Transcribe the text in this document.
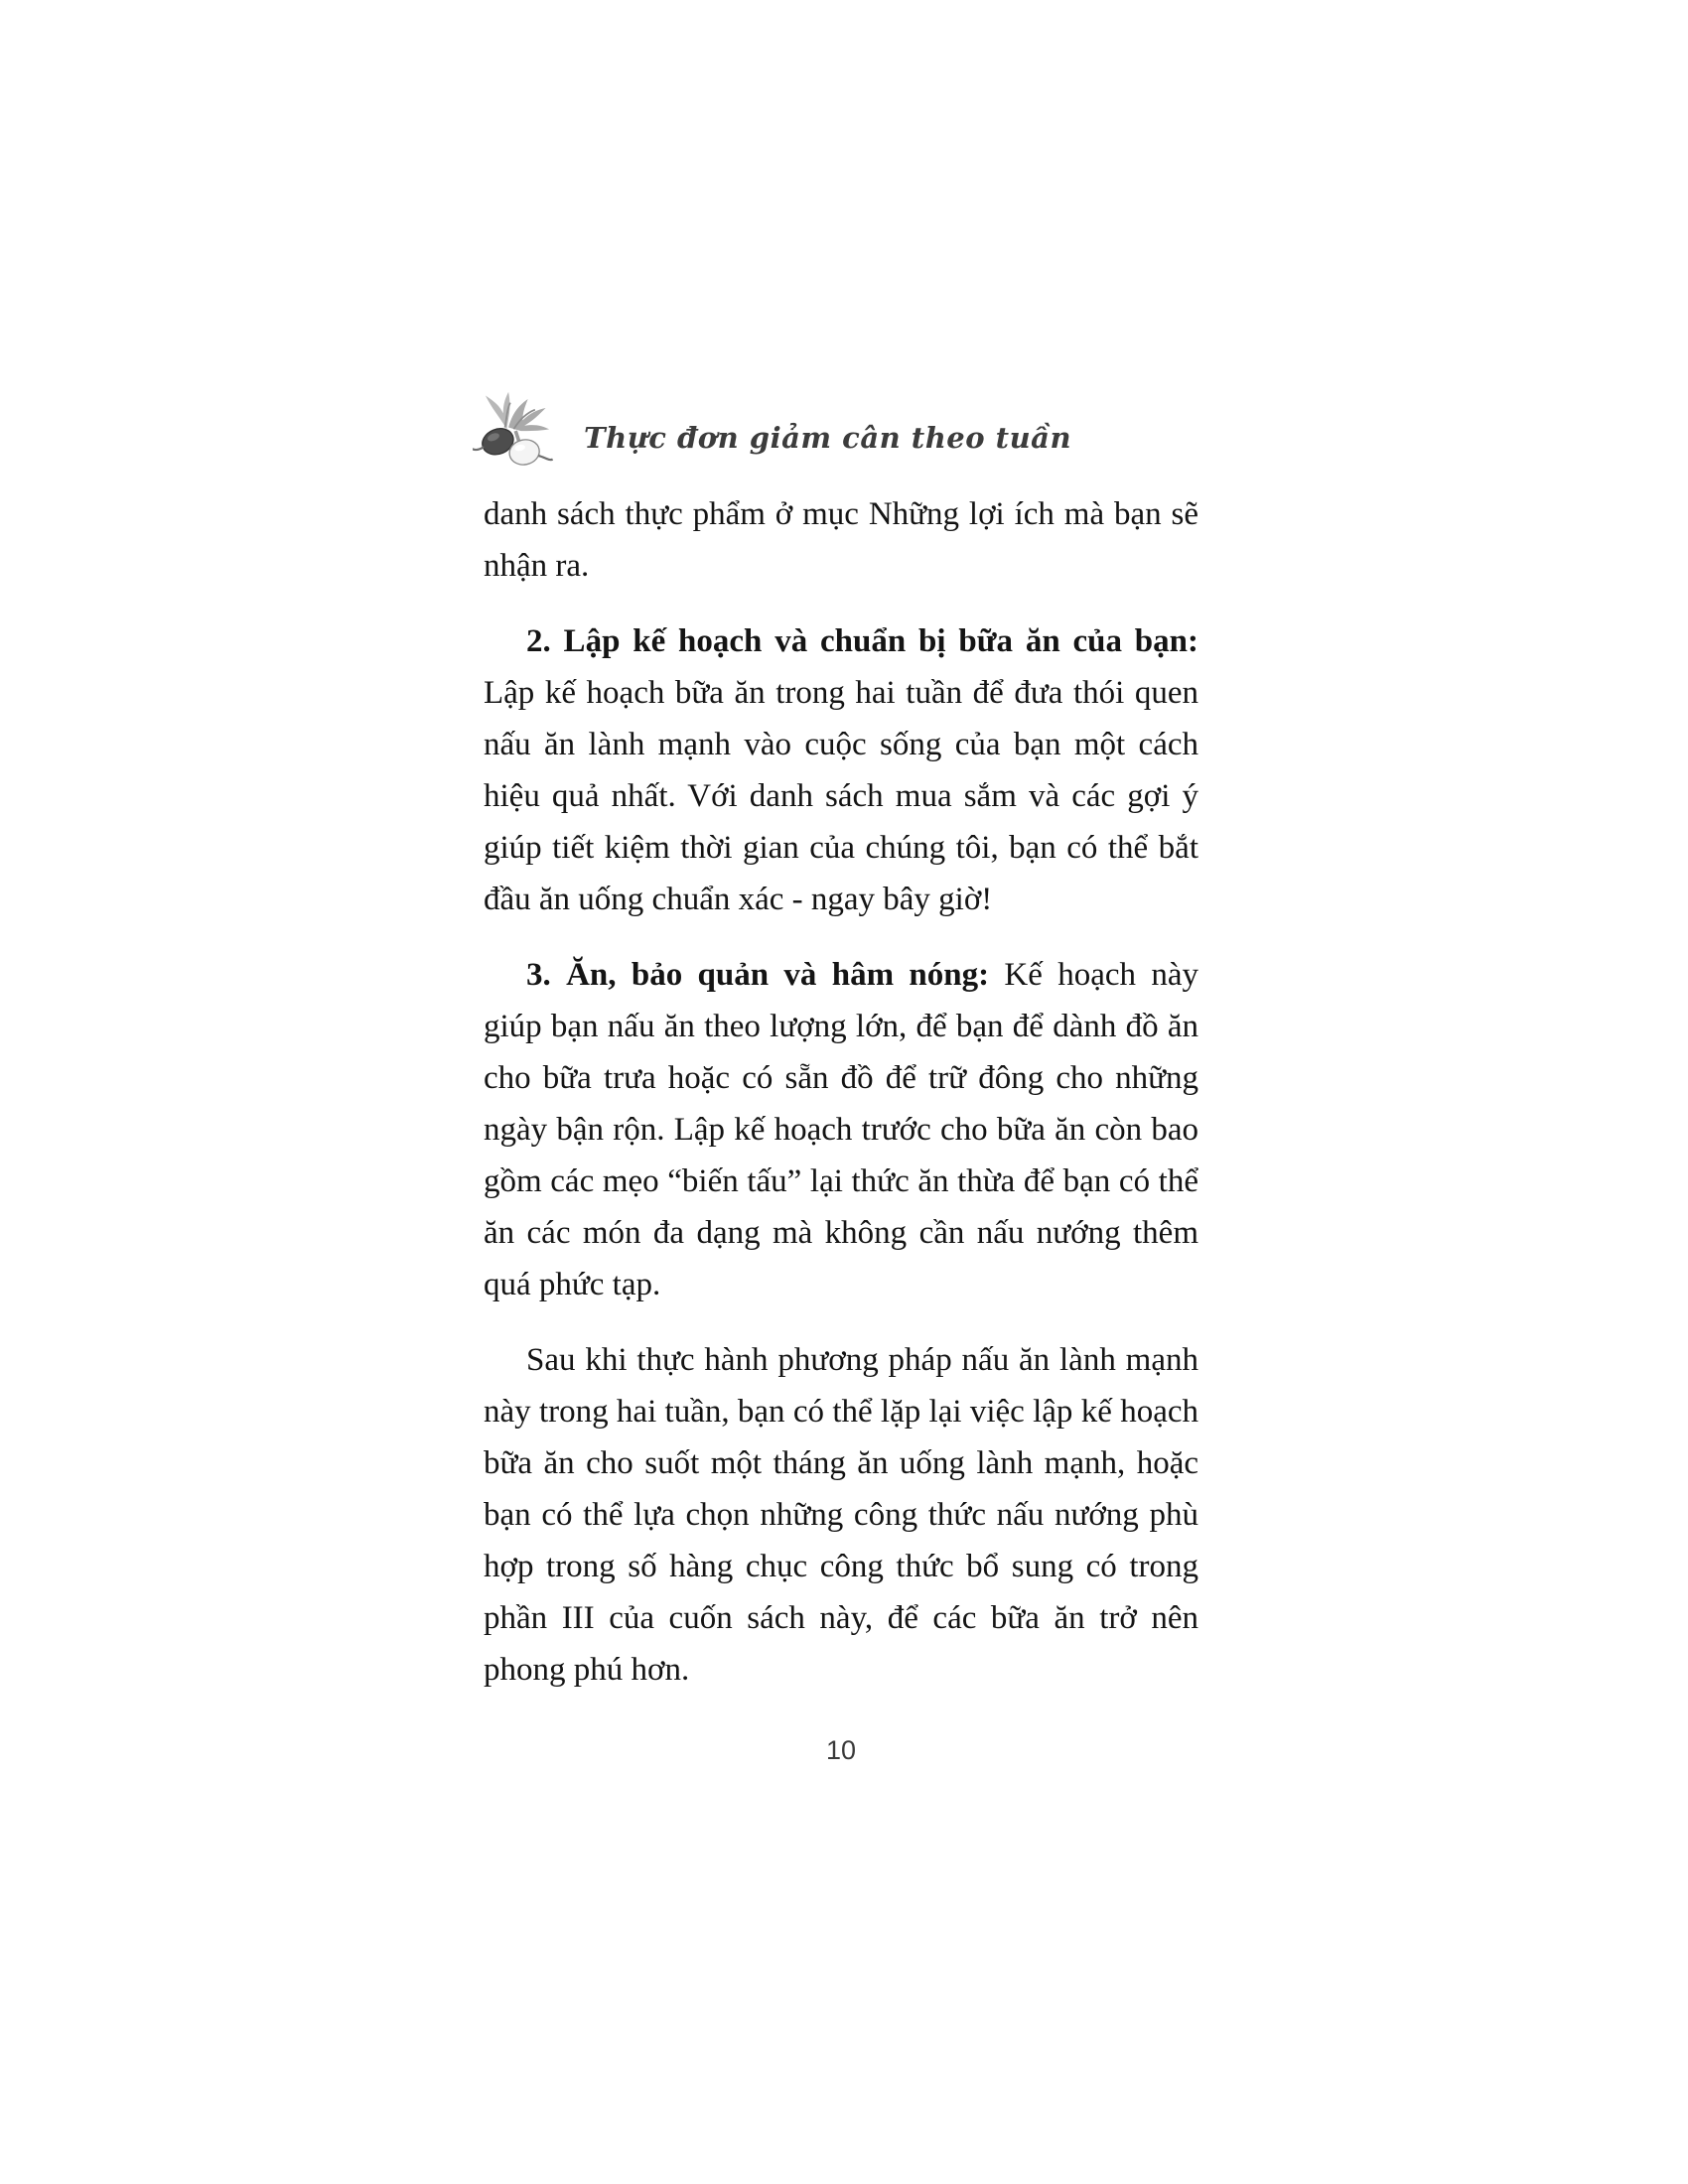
Thực đơn giảm cân theo tuần

danh sách thực phẩm ở mục Những lợi ích mà bạn sẽ nhận ra.

2. Lập kế hoạch và chuẩn bị bữa ăn của bạn: Lập kế hoạch bữa ăn trong hai tuần để đưa thói quen nấu ăn lành mạnh vào cuộc sống của bạn một cách hiệu quả nhất. Với danh sách mua sắm và các gợi ý giúp tiết kiệm thời gian của chúng tôi, bạn có thể bắt đầu ăn uống chuẩn xác - ngay bây giờ!

3. Ăn, bảo quản và hâm nóng: Kế hoạch này giúp bạn nấu ăn theo lượng lớn, để bạn để dành đồ ăn cho bữa trưa hoặc có sẵn đồ để trữ đông cho những ngày bận rộn. Lập kế hoạch trước cho bữa ăn còn bao gồm các mẹo “biến tấu” lại thức ăn thừa để bạn có thể ăn các món đa dạng mà không cần nấu nướng thêm quá phức tạp.

Sau khi thực hành phương pháp nấu ăn lành mạnh này trong hai tuần, bạn có thể lặp lại việc lập kế hoạch bữa ăn cho suốt một tháng ăn uống lành mạnh, hoặc bạn có thể lựa chọn những công thức nấu nướng phù hợp trong số hàng chục công thức bổ sung có trong phần III của cuốn sách này, để các bữa ăn trở nên phong phú hơn.

10
